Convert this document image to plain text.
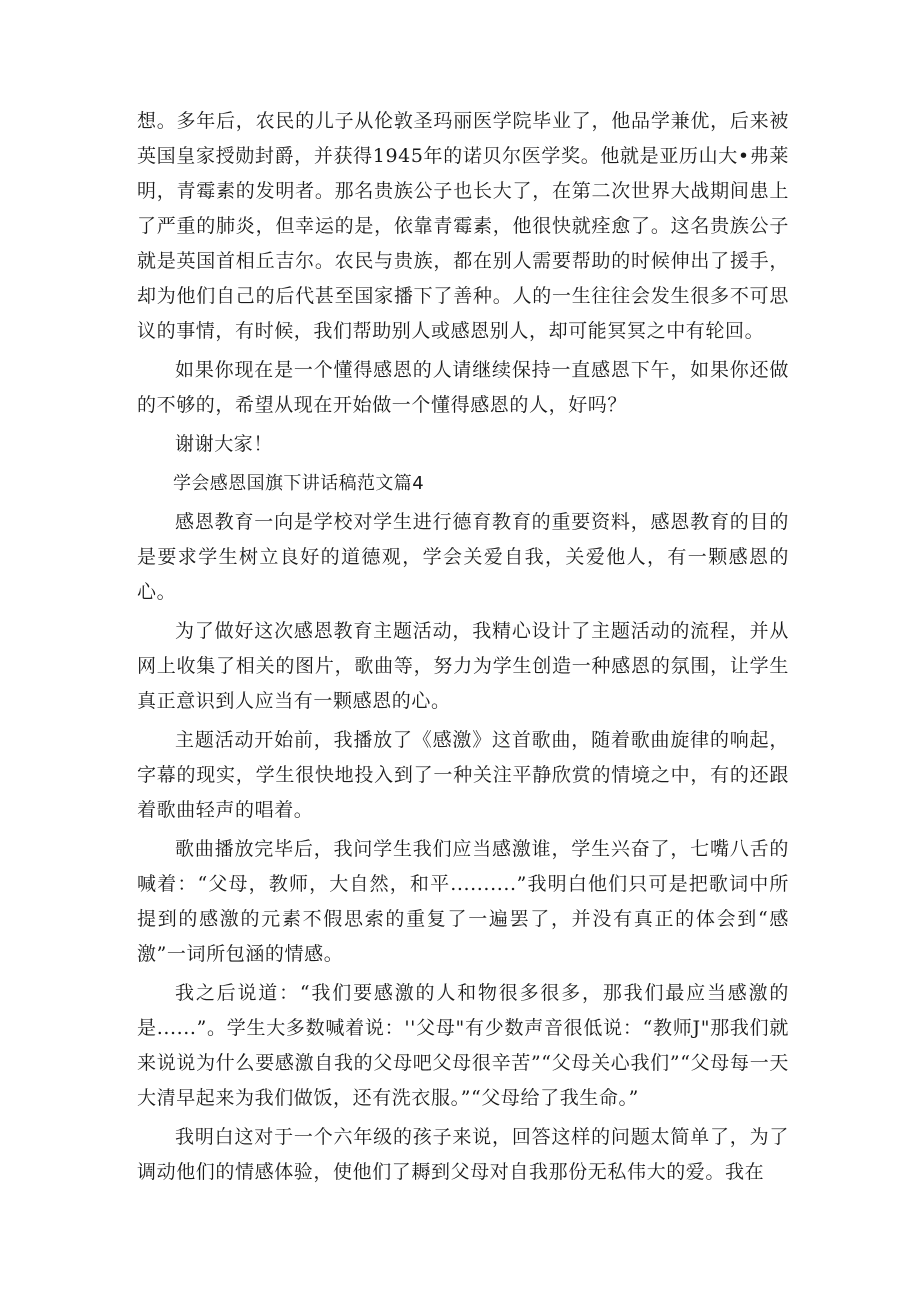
想。多年后，农民的儿子从伦敦圣玛丽医学院毕业了，他品学兼优，后来被英国皇家授勋封爵，并获得1945年的诺贝尔医学奖。他就是亚历山大•弗莱明，青霉素的发明者。那名贵族公子也长大了，在第二次世界大战期间患上了严重的肺炎，但幸运的是，依靠青霉素，他很快就痊愈了。这名贵族公子就是英国首相丘吉尔。农民与贵族，都在别人需要帮助的时候伸出了援手，却为他们自己的后代甚至国家播下了善种。人的一生往往会发生很多不可思议的事情，有时候，我们帮助别人或感恩别人，却可能冥冥之中有轮回。

如果你现在是一个懂得感恩的人请继续保持一直感恩下午，如果你还做的不够的，希望从现在开始做一个懂得感恩的人，好吗？

谢谢大家！

学会感恩国旗下讲话稿范文篇4

感恩教育一向是学校对学生进行德育教育的重要资料，感恩教育的目的是要求学生树立良好的道德观，学会关爱自我，关爱他人，有一颗感恩的心。

为了做好这次感恩教育主题活动，我精心设计了主题活动的流程，并从网上收集了相关的图片，歌曲等，努力为学生创造一种感恩的氛围，让学生真正意识到人应当有一颗感恩的心。

主题活动开始前，我播放了《感激》这首歌曲，随着歌曲旋律的响起，字幕的现实，学生很快地投入到了一种关注平静欣赏的情境之中，有的还跟着歌曲轻声的唱着。

歌曲播放完毕后，我问学生我们应当感激谁，学生兴奋了，七嘴八舌的喊着：“父母，教师，大自然，和平..........”我明白他们只可是把歌词中所提到的感激的元素不假思索的重复了一遍罢了，并没有真正的体会到“感激”一词所包涵的情感。

我之后说道：“我们要感激的人和物很多很多，那我们最应当感激的是......”。学生大多数喊着说：''父母"有少数声音很低说：“教师J"那我们就来说说为什么要感激自我的父母吧父母很辛苦”“父母关心我们”“父母每一天大清早起来为我们做饭，还有洗衣服。”“父母给了我生命。”

我明白这对于一个六年级的孩子来说，回答这样的问题太简单了，为了调动他们的情感体验，使他们了耨到父母对自我那份无私伟大的爱。我在
